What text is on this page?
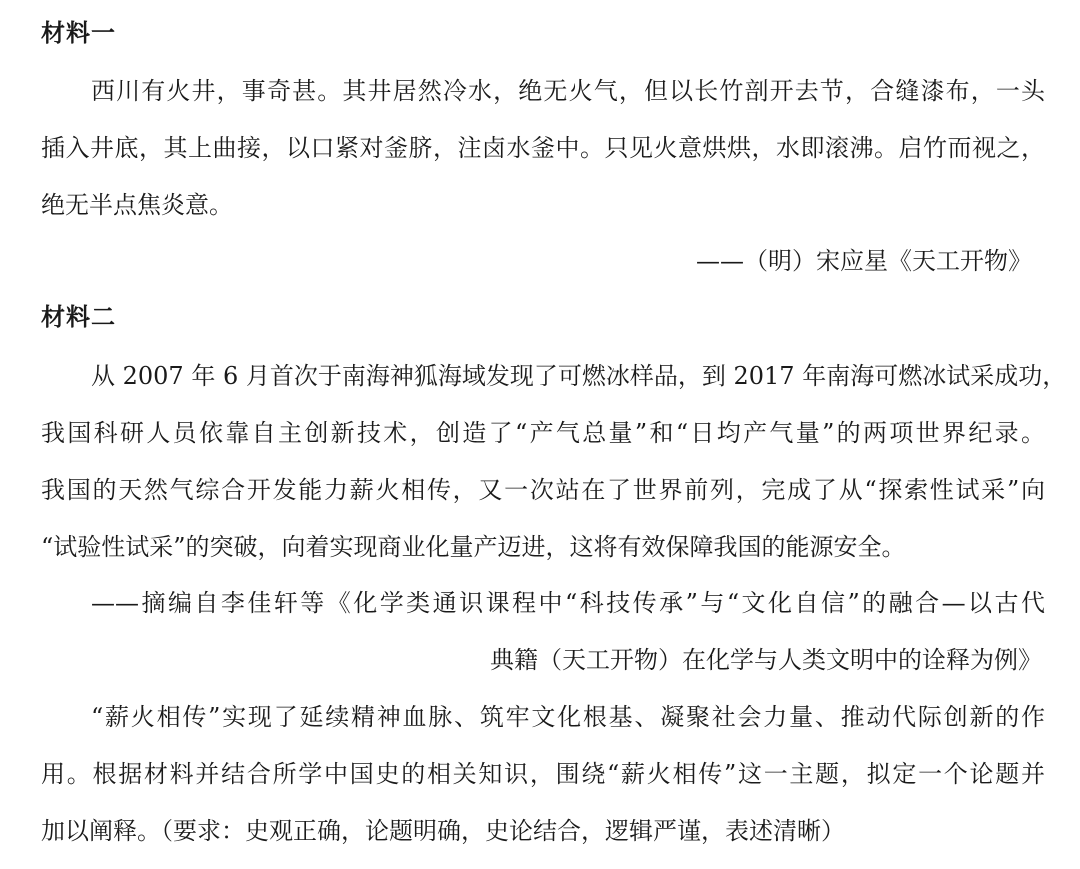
材料一
西川有火井，事奇甚。其井居然冷水，绝无火气，但以长竹剖开去节，合缝漆布，一头
插入井底，其上曲接，以口紧对釜脐，注卤水釜中。只见火意烘烘，水即滚沸。启竹而视之，
绝无半点焦炎意。
——（明）宋应星《天工开物》
材料二
从 2007 年 6 月首次于南海神狐海域发现了可燃冰样品，到 2017 年南海可燃冰试采成功，
我国科研人员依靠自主创新技术，创造了“产气总量”和“日均产气量”的两项世界纪录。
我国的天然气综合开发能力薪火相传，又一次站在了世界前列，完成了从“探索性试采”向
“试验性试采”的突破，向着实现商业化量产迈进，这将有效保障我国的能源安全。
——摘编自李佳轩等《化学类通识课程中“科技传承”与“文化自信”的融合—以古代
典籍（天工开物）在化学与人类文明中的诠释为例》
“薪火相传”实现了延续精神血脉、筑牢文化根基、凝聚社会力量、推动代际创新的作
用。根据材料并结合所学中国史的相关知识，围绕“薪火相传”这一主题，拟定一个论题并
加以阐释。（要求：史观正确，论题明确，史论结合，逻辑严谨，表述清晰）
